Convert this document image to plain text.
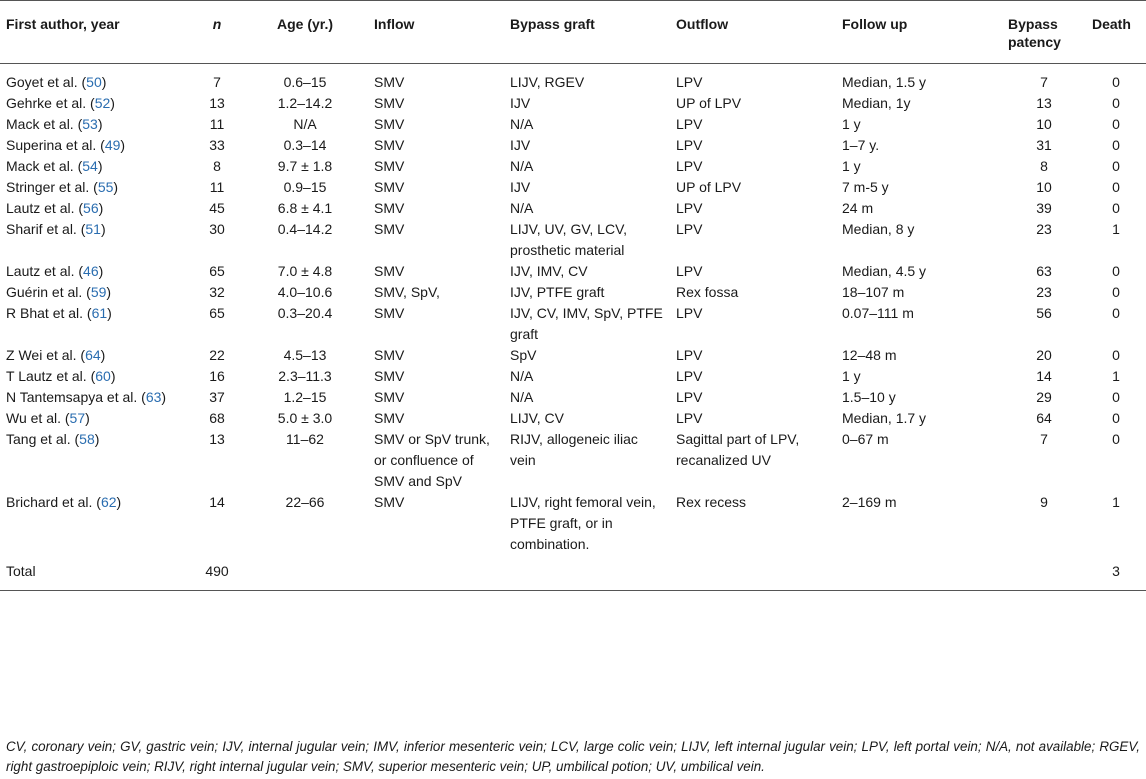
First author, year	n	Age (yr.)	Inflow	Bypass graft	Outflow	Follow up	Bypass
patency	Death
Goyet et al. (50)	7	0.6–15	SMV	LIJV, RGEV	LPV	Median, 1.5 y	7	0
Gehrke et al. (52)	13	1.2–14.2	SMV	IJV	UP of LPV	Median, 1y	13	0
Mack et al. (53)	11	N/A	SMV	N/A	LPV	1 y	10	0
Superina et al. (49)	33	0.3–14	SMV	IJV	LPV	1–7 y.	31	0
Mack et al. (54)	8	9.7 ± 1.8	SMV	N/A	LPV	1 y	8	0
Stringer et al. (55)	11	0.9–15	SMV	IJV	UP of LPV	7 m-5 y	10	0
Lautz et al. (56)	45	6.8 ± 4.1	SMV	N/A	LPV	24 m	39	0
Sharif et al. (51)	30	0.4–14.2	SMV	LIJV, UV, GV, LCV, prosthetic material	LPV	Median, 8 y	23	1
Lautz et al. (46)	65	7.0 ± 4.8	SMV	IJV, IMV, CV	LPV	Median, 4.5 y	63	0
Guérin et al. (59)	32	4.0–10.6	SMV, SpV,	IJV, PTFE graft	Rex fossa	18–107 m	23	0
R Bhat et al. (61)	65	0.3–20.4	SMV	IJV, CV, IMV, SpV, PTFE graft	LPV	0.07–111 m	56	0
Z Wei et al. (64)	22	4.5–13	SMV	SpV	LPV	12–48 m	20	0
T Lautz et al. (60)	16	2.3–11.3	SMV	N/A	LPV	1 y	14	1
N Tantemsapya et al. (63)	37	1.2–15	SMV	N/A	LPV	1.5–10 y	29	0
Wu et al. (57)	68	5.0 ± 3.0	SMV	LIJV, CV	LPV	Median, 1.7 y	64	0
Tang et al. (58)	13	11–62	SMV or SpV trunk, or confluence of SMV and SpV	RIJV, allogeneic iliac vein	Sagittal part of LPV, recanalized UV	0–67 m	7	0
Brichard et al. (62)	14	22–66	SMV	LIJV, right femoral vein, PTFE graft, or in combination.	Rex recess	2–169 m	9	1
Total	490							3
CV, coronary vein; GV, gastric vein; IJV, internal jugular vein; IMV, inferior mesenteric vein; LCV, large colic vein; LIJV, left internal jugular vein; LPV, left portal vein; N/A, not available; RGEV, right gastroepiploic vein; RIJV, right internal jugular vein; SMV, superior mesenteric vein; UP, umbilical potion; UV, umbilical vein.
